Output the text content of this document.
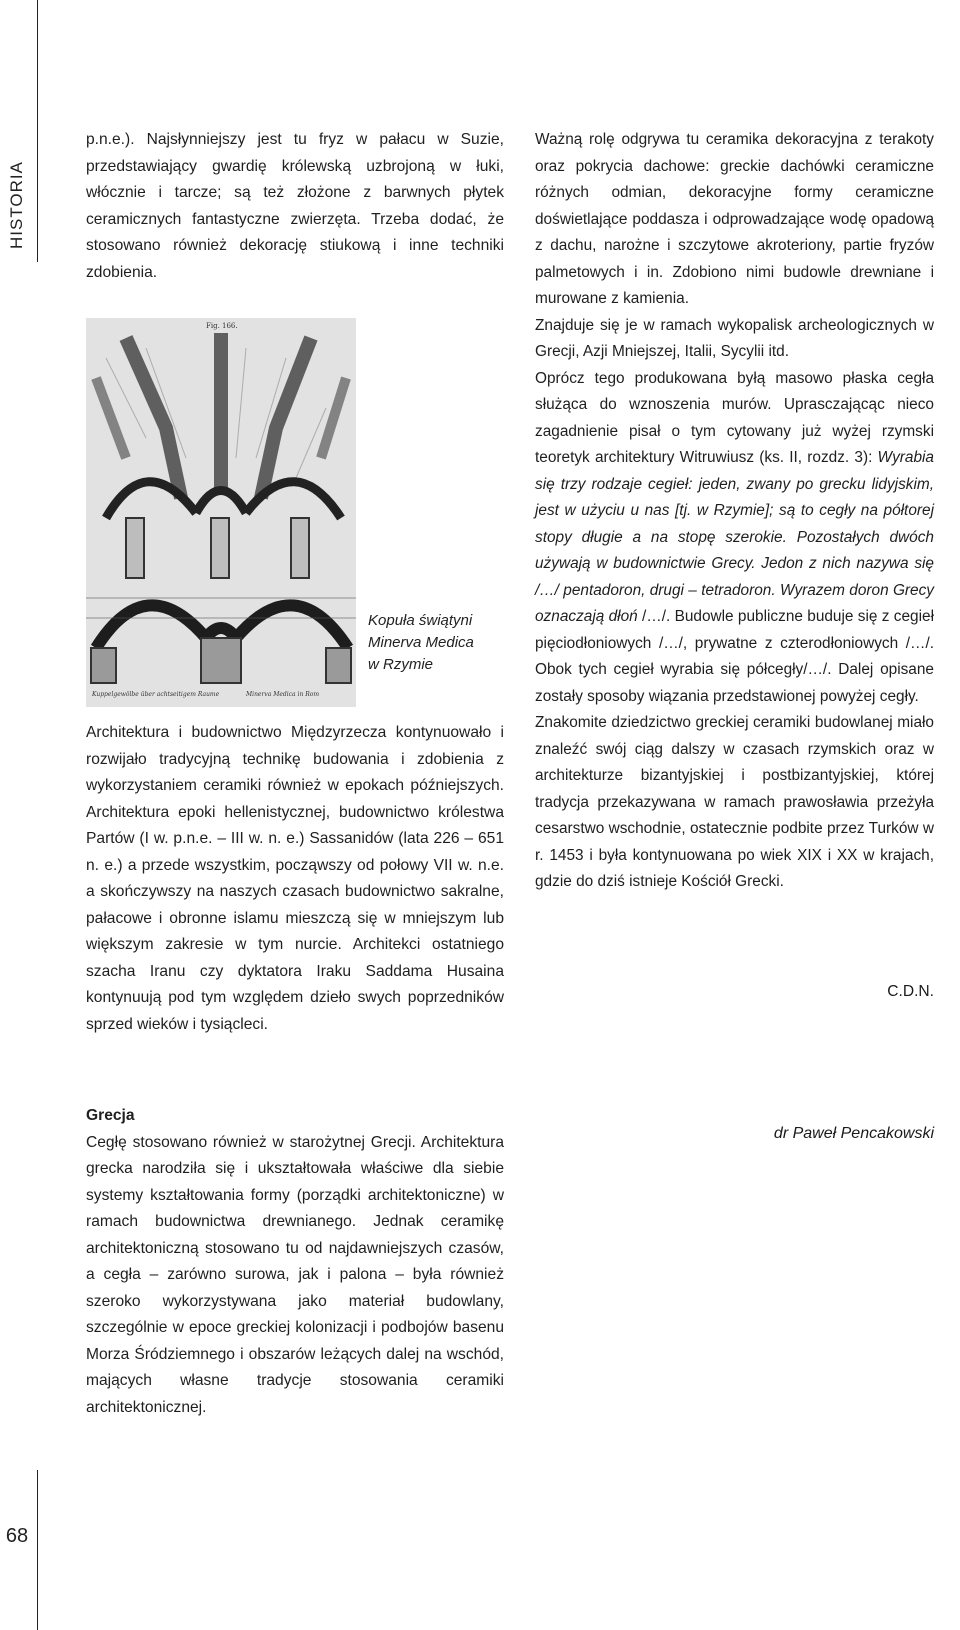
HISTORIA
68

p.n.e.). Najsłynniejszy jest tu fryz w pałacu w Suzie, przedstawiający gwardię królewską uzbrojoną w łuki, włócznie i tarcze; są też złożone z barwnych płytek ceramicznych fantastyczne zwierzęta. Trzeba dodać, że stosowano również dekorację stiukową i inne techniki zdobienia.

Fig. 166.
Kuppelgewölbe über achtseitigem Raume	Minerva Medica in Rom
Kopuła świątyni
Minerva Medica
w Rzymie

Architektura i budownictwo Międzyrzecza kontynuowało i rozwijało tradycyjną technikę budowania i zdobienia z wykorzystaniem ceramiki również w epokach późniejszych. Architektura epoki hellenistycznej, budownictwo królestwa Partów (I w. p.n.e. – III w. n. e.) Sassanidów (lata 226 – 651 n. e.) a przede wszystkim, począwszy od połowy VII w. n.e. a skończywszy na naszych czasach budownictwo sakralne, pałacowe i obronne islamu mieszczą się w mniejszym lub większym zakresie w tym nurcie. Architekci ostatniego szacha Iranu czy dyktatora Iraku Saddama Husaina kontynuują pod tym względem dzieło swych poprzedników sprzed wieków i tysiącleci.

Grecja

Cegłę stosowano również w starożytnej Grecji. Architektura grecka narodziła się i ukształtowała właściwe dla siebie systemy kształtowania formy (porządki architektoniczne) w ramach budownictwa drewnianego. Jednak ceramikę architektoniczną stosowano tu od najdawniejszych czasów, a cegła – zarówno surowa, jak i palona – była również szeroko wykorzystywana jako materiał budowlany, szczególnie w epoce greckiej kolonizacji i podbojów basenu Morza Śródziemnego i obszarów leżących dalej na wschód, mających własne tradycje stosowania ceramiki architektonicznej.

Ważną rolę odgrywa tu ceramika dekoracyjna z terakoty oraz pokrycia dachowe: greckie dachówki ceramiczne różnych odmian, dekoracyjne formy ceramiczne doświetlające poddasza i odprowadzające wodę opadową z dachu, narożne i szczytowe akroteriony, partie fryzów palmetowych i in. Zdobiono nimi budowle drewniane i murowane z kamienia.

Znajduje się je w ramach wykopalisk archeologicznych w Grecji, Azji Mniejszej, Italii, Sycylii itd.

Oprócz tego produkowana byłą masowo płaska cegła służąca do wznoszenia murów. Uprasczającąc nieco zagadnienie pisał o tym cytowany już wyżej rzymski teoretyk architektury Witruwiusz (ks. II, rozdz. 3): Wyrabia się trzy rodzaje cegieł: jeden, zwany po grecku lidyjskim, jest w użyciu u nas [tj. w Rzymie]; są to cegły na półtorej stopy długie a na stopę szerokie. Pozostałych dwóch używają w budownictwie Grecy. Jedon z nich nazywa się /…/ pentadoron, drugi – tetradoron. Wyrazem doron Grecy oznaczają dłoń /…/. Budowle publiczne buduje się z cegieł pięciodłoniowych /…/, prywatne z czterodłoniowych /…/. Obok tych cegieł wyrabia się półcegły/…/. Dalej opisane zostały sposoby wiązania przedstawionej powyżej cegły.

Znakomite dziedzictwo greckiej ceramiki budowlanej miało znaleźć swój ciąg dalszy w czasach rzymskich oraz w architekturze bizantyjskiej i postbizantyjskiej, której tradycja przekazywana w ramach prawosławia przeżyła cesarstwo wschodnie, ostatecznie podbite przez Turków w r. 1453 i była kontynuowana po wiek XIX i XX w krajach, gdzie do dziś istnieje Kościół Grecki.

C.D.N.
dr Paweł Pencakowski
